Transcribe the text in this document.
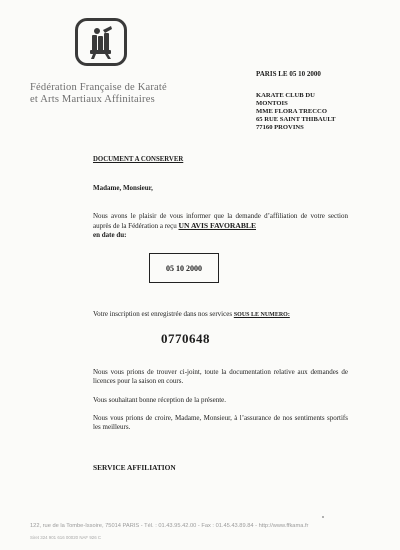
Fédération Française de Karaté
et Arts Martiaux Affinitaires
PARIS LE 05 10 2000
KARATE CLUB DU
MONTOIS
MME FLORA TRECCO
65 RUE SAINT THIBAULT
77160 PROVINS
DOCUMENT A CONSERVER
Madame, Monsieur,
Nous avons le plaisir de vous informer que la demande d’affiliation de votre section auprès de la Fédération a reçu UN AVIS FAVORABLE
en date du:
05 10 2000
Votre inscription est enregistrée dans nos services SOUS LE NUMERO:
0770648
Nous vous prions de trouver ci-joint, toute la documentation relative aux demandes de licences pour la saison en cours.
Vous souhaitant bonne réception de la présente.
Nous vous prions de croire, Madame, Monsieur, à l’assurance de nos sentiments sportifs les meilleurs.
SERVICE AFFILIATION
122, rue de la Tombe-Issoire, 75014 PARIS - Tél. : 01.43.95.42.00 - Fax : 01.45.43.89.84 - http://www.ffkama.fr
Siret 324 901 616 00020 NAF 926 C
